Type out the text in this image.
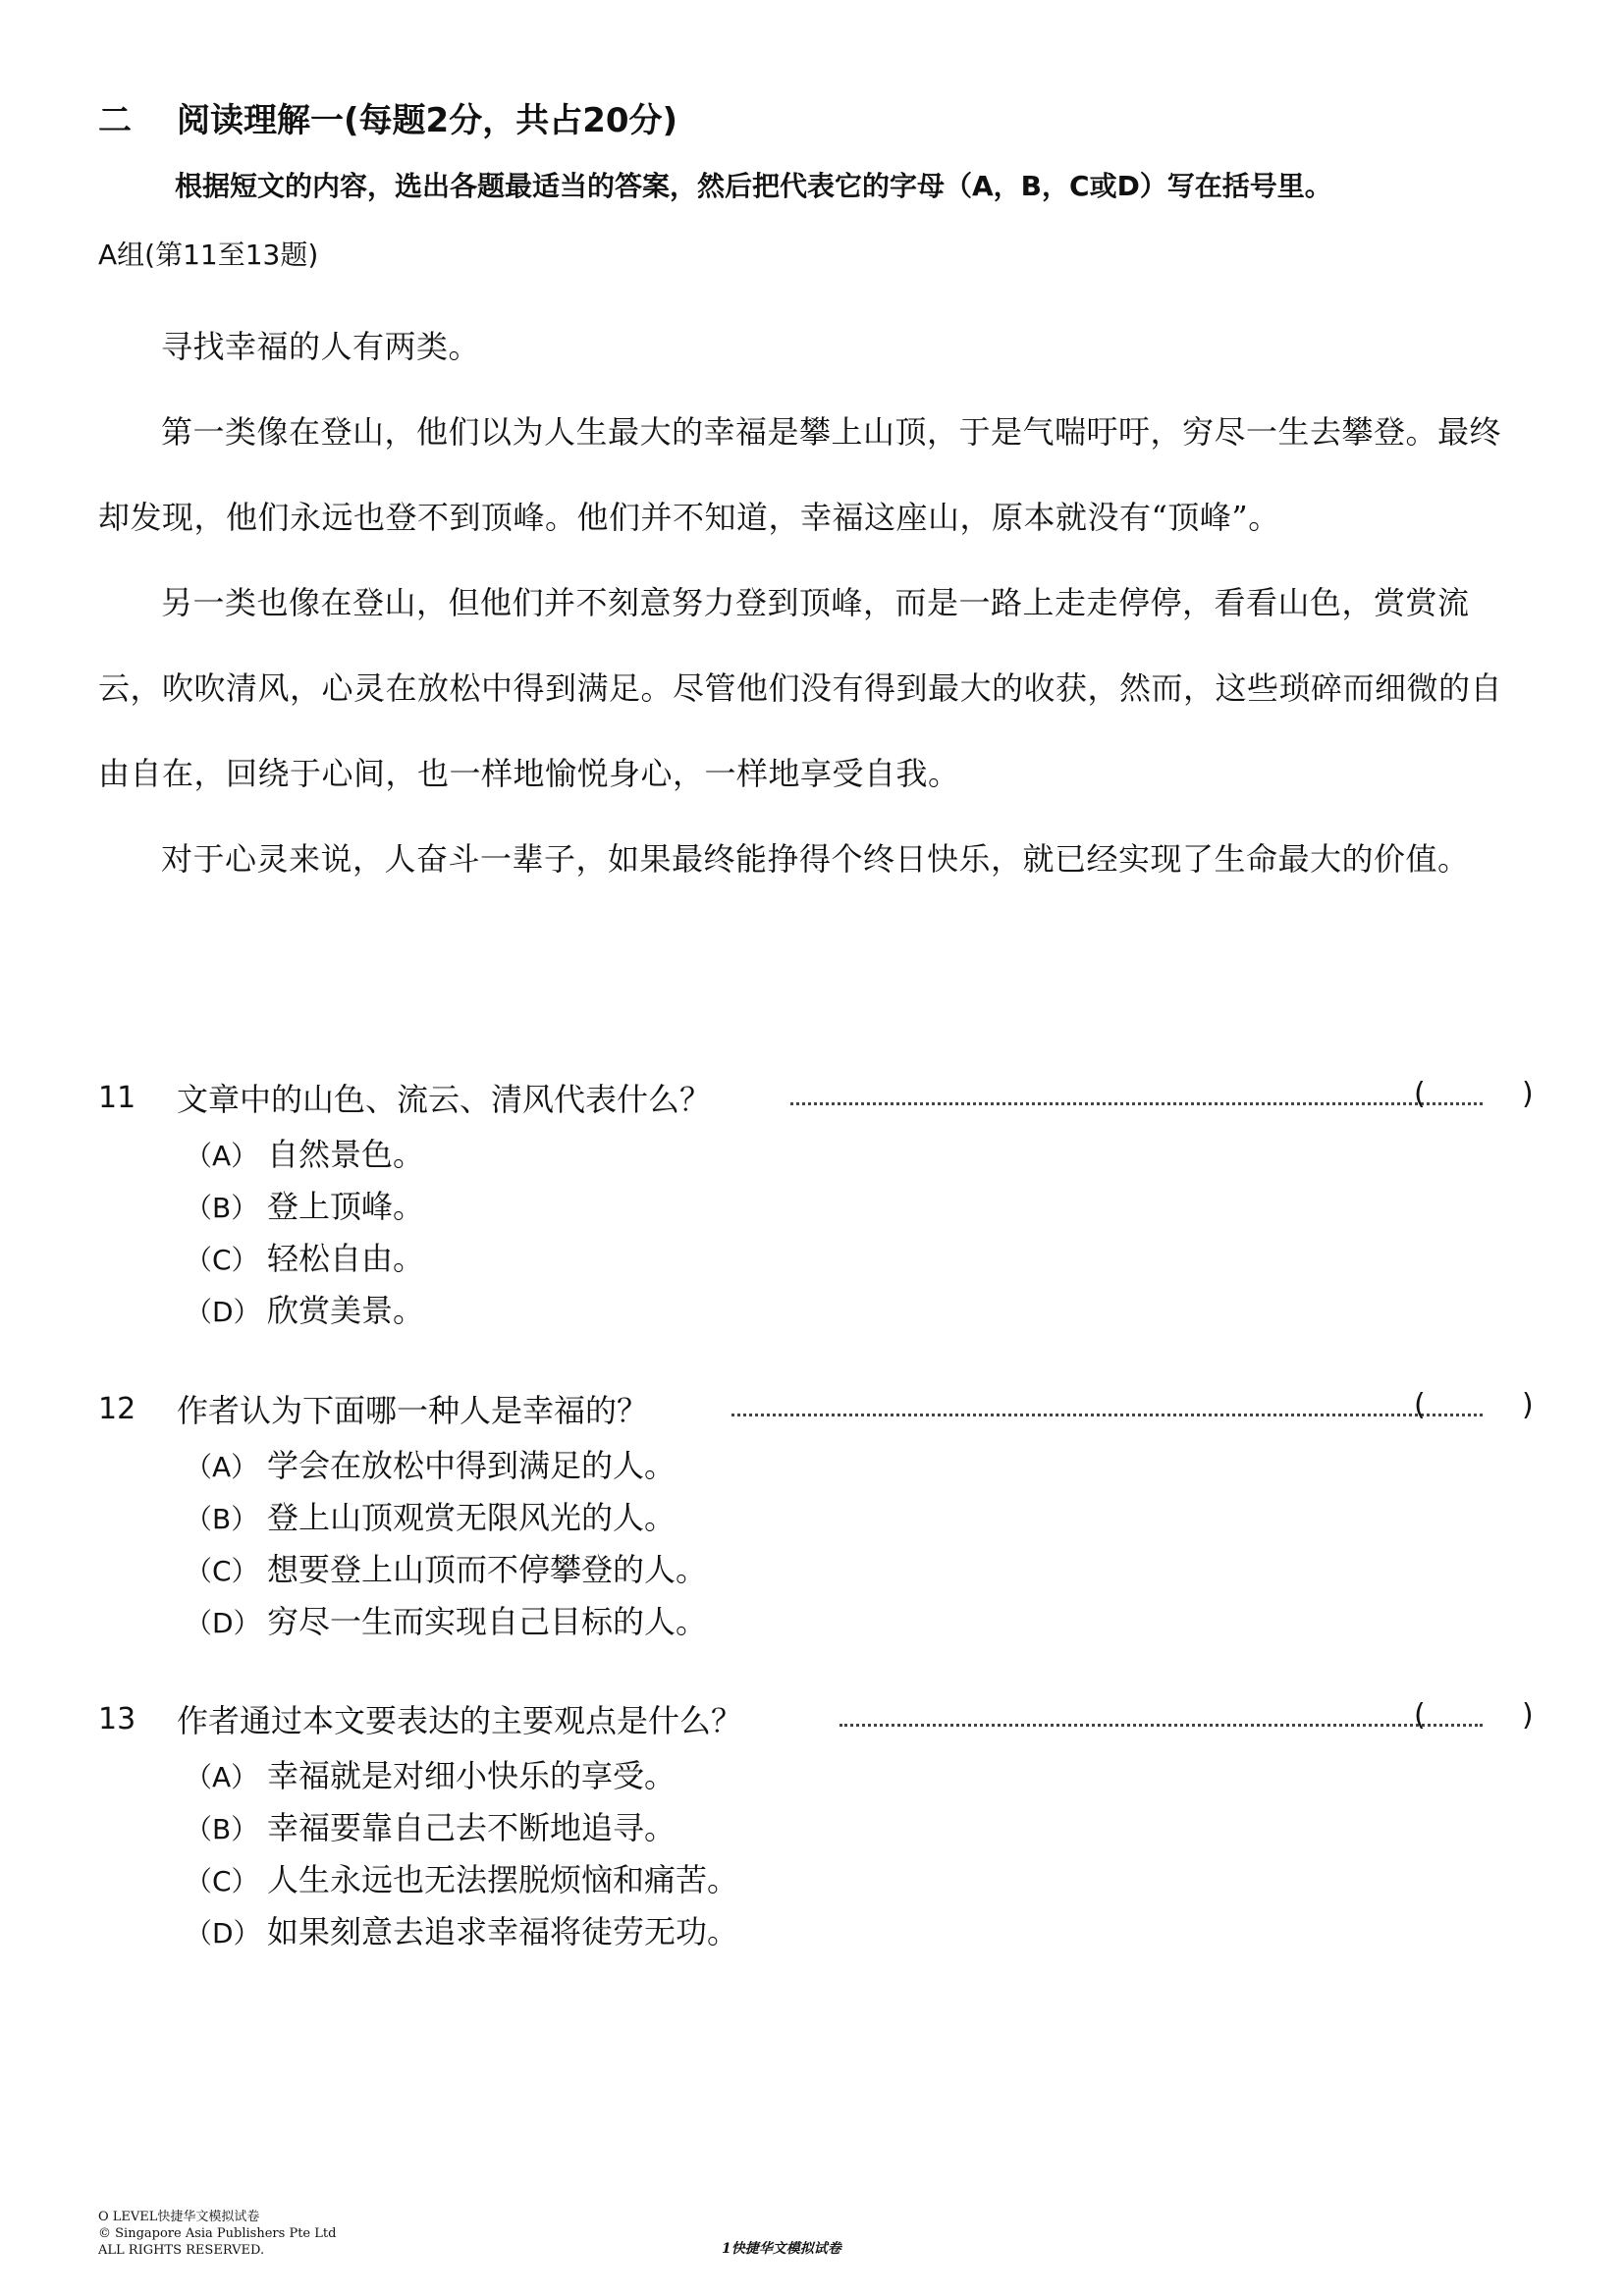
二 阅读理解一(每题2分，共占20分)
根据短文的内容，选出各题最适当的答案，然后把代表它的字母（A，B，C或D）写在括号里。
A组(第11至13题)

寻找幸福的人有两类。

第一类像在登山，他们以为人生最大的幸福是攀上山顶，于是气喘吁吁，穷尽一生去攀登。最终却发现，他们永远也登不到顶峰。他们并不知道，幸福这座山，原本就没有“顶峰”。

另一类也像在登山，但他们并不刻意努力登到顶峰，而是一路上走走停停，看看山色，赏赏流云，吹吹清风，心灵在放松中得到满足。尽管他们没有得到最大的收获，然而，这些琐碎而细微的自由自在，回绕于心间，也一样地愉悦身心，一样地享受自我。

对于心灵来说，人奋斗一辈子，如果最终能挣得个终日快乐，就已经实现了生命最大的价值。

11 文章中的山色、流云、清风代表什么？	(	)
（A） 自然景色。
（B） 登上顶峰。
（C） 轻松自由。
（D） 欣赏美景。
12 作者认为下面哪一种人是幸福的？	(	)
（A） 学会在放松中得到满足的人。
（B） 登上山顶观赏无限风光的人。
（C） 想要登上山顶而不停攀登的人。
（D） 穷尽一生而实现自己目标的人。
13 作者通过本文要表达的主要观点是什么？	(	)
（A） 幸福就是对细小快乐的享受。
（B） 幸福要靠自己去不断地追寻。
（C） 人生永远也无法摆脱烦恼和痛苦。
（D） 如果刻意去追求幸福将徒劳无功。
O LEVEL快捷华文模拟试卷
© Singapore Asia Publishers Pte Ltd
ALL RIGHTS RESERVED.	1快捷华文模拟试卷
